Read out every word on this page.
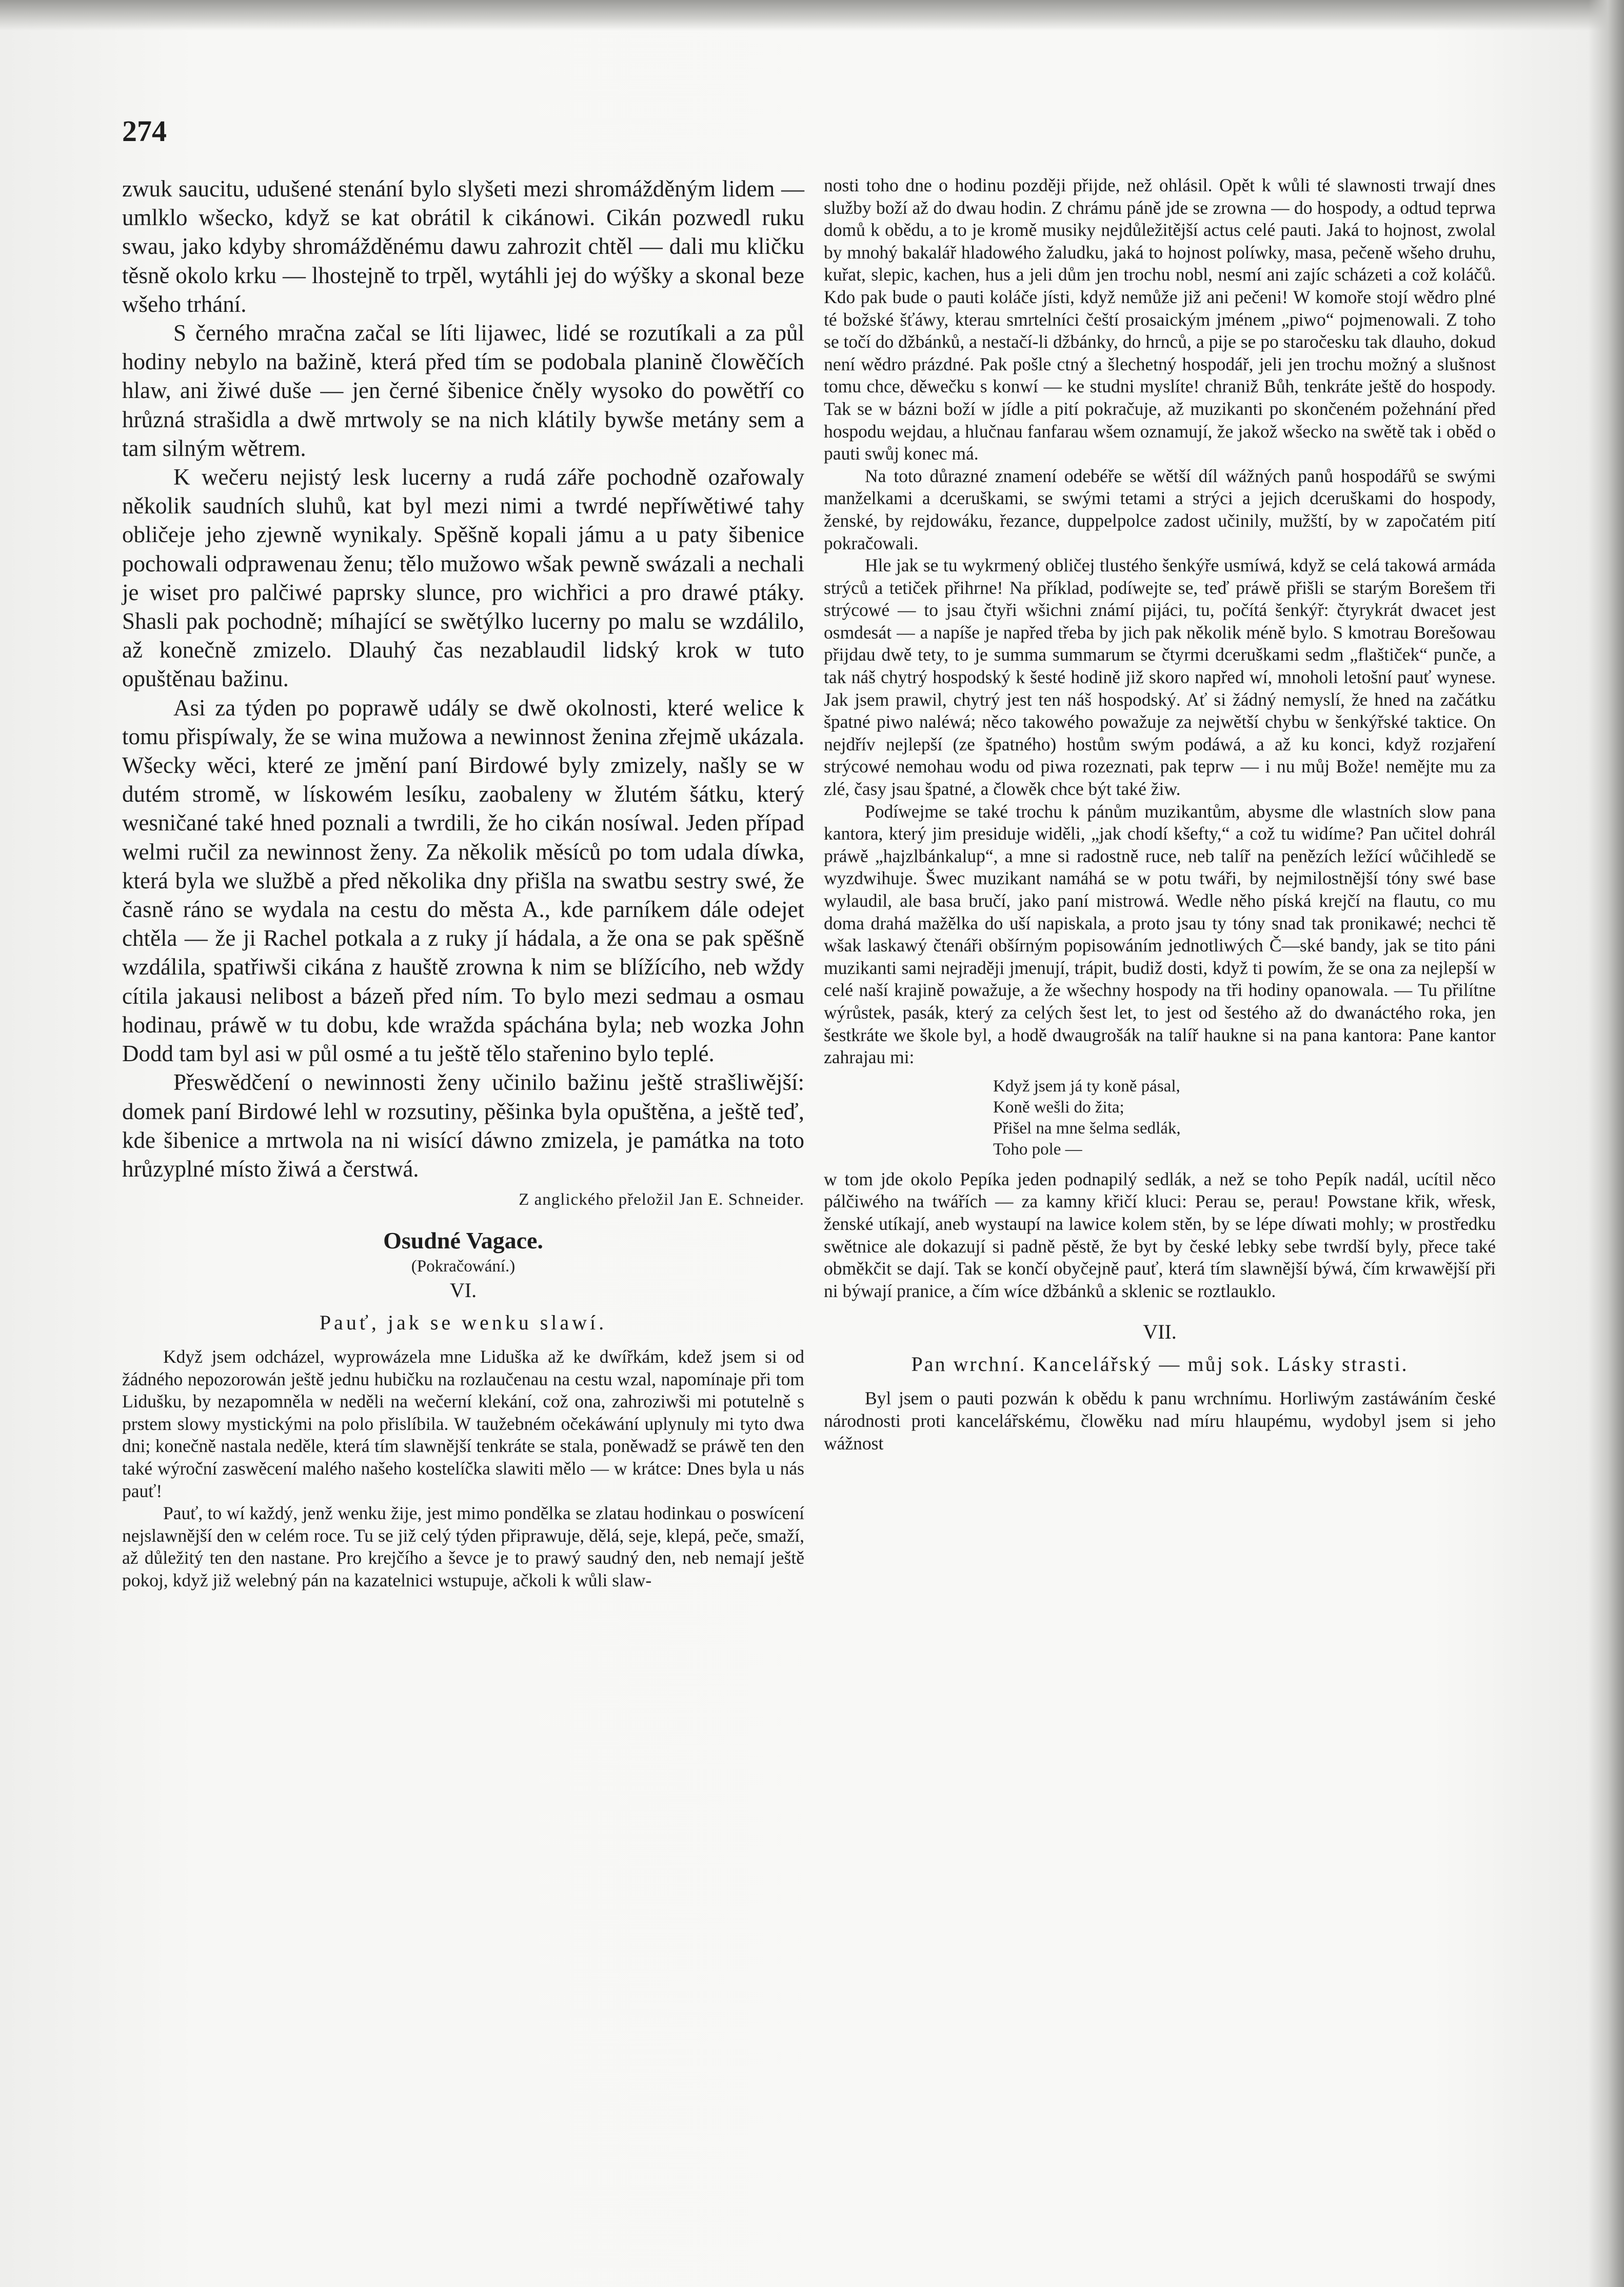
274

zwuk saucitu, udušené stenání bylo slyšeti mezi shromážděným lidem — umlklo wšecko, když se kat obrátil k cikánowi. Cikán pozwedl ruku swau, jako kdyby shromážděnému dawu zahrozit chtěl — dali mu kličku těsně okolo krku — lhostejně to trpěl, wytáhli jej do wýšky a skonal beze wšeho trhání.

S černého mračna začal se líti lijawec, lidé se rozutíkali a za půl hodiny nebylo na bažině, která před tím se podobala planině člowěčích hlaw, ani žiwé duše — jen černé šibenice čněly wysoko do powětří co hrůzná strašidla a dwě mrtwoly se na nich klátily bywše metány sem a tam silným wětrem.

K wečeru nejistý lesk lucerny a rudá záře pochodně ozařowaly několik saudních sluhů, kat byl mezi nimi a twrdé nepříwětiwé tahy obličeje jeho zjewně wynikaly. Spěšně kopali jámu a u paty šibenice pochowali odprawenau ženu; tělo mužowo wšak pewně swázali a nechali je wiset pro palčiwé paprsky slunce, pro wichřici a pro drawé ptáky. Shasli pak pochodně; míhající se swětýlko lucerny po malu se wzdálilo, až konečně zmizelo. Dlauhý čas nezablaudil lidský krok w tuto opuštěnau bažinu.

Asi za týden po poprawě udály se dwě okolnosti, které welice k tomu přispíwaly, že se wina mužowa a newinnost ženina zřejmě ukázala. Wšecky wěci, které ze jmění paní Birdowé byly zmizely, našly se w dutém stromě, w lískowém lesíku, zaobaleny w žlutém šátku, který wesničané také hned poznali a twrdili, že ho cikán nosíwal. Jeden případ welmi ručil za newinnost ženy. Za několik měsíců po tom udala díwka, která byla we službě a před několika dny přišla na swatbu sestry swé, že časně ráno se wydala na cestu do města A., kde parníkem dále odejet chtěla — že ji Rachel potkala a z ruky jí hádala, a že ona se pak spěšně wzdálila, spatřiwši cikána z hauště zrowna k nim se blížícího, neb wždy cítila jakausi nelibost a bázeň před ním. To bylo mezi sedmau a osmau hodinau, práwě w tu dobu, kde wražda spáchána byla; neb wozka John Dodd tam byl asi w půl osmé a tu ještě tělo stařenino bylo teplé.

Přeswědčení o newinnosti ženy učinilo bažinu ještě strašliwější: domek paní Birdowé lehl w rozsutiny, pěšinka byla opuštěna, a ještě teď, kde šibenice a mrtwola na ni wisící dáwno zmizela, je památka na toto hrůzyplné místo žiwá a čerstwá.

Z anglického přeložil Jan E. Schneider.
Osudné Vagace.
(Pokračowání.)
VI.
Pauť, jak se wenku slawí.

Když jsem odcházel, wyprowázela mne Liduška až ke dwířkám, kdež jsem si od žádného nepozorowán ještě jednu hubičku na rozlaučenau na cestu wzal, napomínaje při tom Lidušku, by nezapomněla w neděli na wečerní klekání, což ona, zahroziwši mi potutelně s prstem slowy mystickými na polo přislíbila. W taužebném očekáwání uplynuly mi tyto dwa dni; konečně nastala neděle, která tím slawnější tenkráte se stala, poněwadž se práwě ten den také wýroční zaswěcení malého našeho kostelíčka slawiti mělo — w krátce: Dnes byla u nás pauť!

Pauť, to wí každý, jenž wenku žije, jest mimo pondělka se zlatau hodinkau o poswícení nejslawnější den w celém roce. Tu se již celý týden připrawuje, dělá, seje, klepá, peče, smaží, až důležitý ten den nastane. Pro krejčího a ševce je to prawý saudný den, neb nemají ještě pokoj, když již welebný pán na kazatelnici wstupuje, ačkoli k wůli slaw-

nosti toho dne o hodinu později přijde, než ohlásil. Opět k wůli té slawnosti trwají dnes služby boží až do dwau hodin. Z chrámu páně jde se zrowna — do hospody, a odtud teprwa domů k obědu, a to je kromě musiky nejdůležitější actus celé pauti. Jaká to hojnost, zwolal by mnohý bakalář hladowého žaludku, jaká to hojnost políwky, masa, pečeně wšeho druhu, kuřat, slepic, kachen, hus a jeli dům jen trochu nobl, nesmí ani zajíc scházeti a což koláčů. Kdo pak bude o pauti koláče jísti, když nemůže již ani pečeni! W komoře stojí wědro plné té božské šťáwy, kterau smrtelníci čeští prosaickým jménem „piwo“ pojmenowali. Z toho se točí do džbánků, a nestačí-li džbánky, do hrnců, a pije se po staročesku tak dlauho, dokud není wědro prázdné. Pak pošle ctný a šlechetný hospodář, jeli jen trochu možný a slušnost tomu chce, děwečku s konwí — ke studni myslíte! chraniž Bůh, tenkráte ještě do hospody. Tak se w bázni boží w jídle a pití pokračuje, až muzikanti po skončeném požehnání před hospodu wejdau, a hlučnau fanfarau wšem oznamují, že jakož wšecko na swětě tak i oběd o pauti swůj konec má.

Na toto důrazné znamení odebéře se wětší díl wážných panů hospodářů se swými manželkami a dceruškami, se swými tetami a strýci a jejich dceruškami do hospody, ženské, by rejdowáku, řezance, duppelpolce zadost učinily, mužští, by w započatém pití pokračowali.

Hle jak se tu wykrmený obličej tlustého šenkýře usmíwá, když se celá takowá armáda strýců a tetiček přihrne! Na příklad, podíwejte se, teď práwě přišli se starým Borešem tři strýcowé — to jsau čtyři wšichni známí pijáci, tu, počítá šenkýř: čtyrykrát dwacet jest osmdesát — a napíše je napřed třeba by jich pak několik méně bylo. S kmotrau Borešowau přijdau dwě tety, to je summa summarum se čtyrmi dceruškami sedm „flaštiček“ punče, a tak náš chytrý hospodský k šesté hodině již skoro napřed wí, mnoholi letošní pauť wynese. Jak jsem prawil, chytrý jest ten náš hospodský. Ať si žádný nemyslí, že hned na začátku špatné piwo naléwá; něco takowého powažuje za nejwětší chybu w šenkýřské taktice. On nejdřív nejlepší (ze špatného) hostům swým podáwá, a až ku konci, když rozjaření strýcowé nemohau wodu od piwa rozeznati, pak teprw — i nu můj Bože! nemějte mu za zlé, časy jsau špatné, a člowěk chce být také žiw.

Podíwejme se také trochu k pánům muzikantům, abysme dle wlastních slow pana kantora, který jim presiduje widěli, „jak chodí kšefty,“ a což tu widíme? Pan učitel dohrál práwě „hajzlbánkalup“, a mne si radostně ruce, neb talíř na penězích ležící wůčihledě se wyzdwihuje. Šwec muzikant namáhá se w potu twáři, by nejmilostnější tóny swé base wylaudil, ale basa bručí, jako paní mistrowá. Wedle něho píská krejčí na flautu, co mu doma drahá mažělka do uší napiskala, a proto jsau ty tóny snad tak pronikawé; nechci tě wšak laskawý čtenáři obšírným popisowáním jednotliwých Č—ské bandy, jak se tito páni muzikanti sami nejraději jmenují, trápit, budiž dosti, když ti powím, že se ona za nejlepší w celé naší krajině powažuje, a že wšechny hospody na tři hodiny opanowala. — Tu přilítne wýrůstek, pasák, který za celých šest let, to jest od šestého až do dwanáctého roka, jen šestkráte we škole byl, a hodě dwaugrošák na talíř haukne si na pana kantora: Pane kantor zahrajau mi:

Když jsem já ty koně pásal,
Koně wešli do žita;
Přišel na mne šelma sedlák,
Toho pole —

w tom jde okolo Pepíka jeden podnapilý sedlák, a než se toho Pepík nadál, ucítil něco pálčiwého na twářích — za kamny křičí kluci: Perau se, perau! Powstane křik, wřesk, ženské utíkají, aneb wystaupí na lawice kolem stěn, by se lépe díwati mohly; w prostředku swětnice ale dokazují si padně pěstě, že byt by české lebky sebe twrdší byly, přece také obměkčit se dají. Tak se končí obyčejně pauť, která tím slawnější býwá, čím krwawější při ni býwají pranice, a čím wíce džbánků a sklenic se roztlauklo.

VII.
Pan wrchní. Kancelářský — můj sok. Lásky strasti.

Byl jsem o pauti pozwán k obědu k panu wrchnímu. Horliwým zastáwáním české národnosti proti kancelářskému, člowěku nad míru hlaupému, wydobyl jsem si jeho wážnost
